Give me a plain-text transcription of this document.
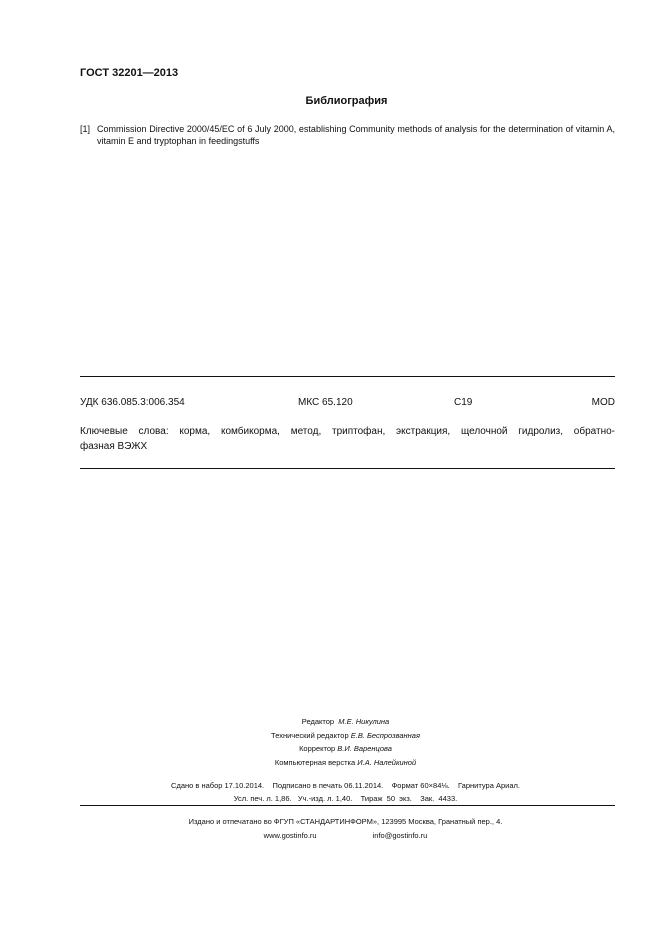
ГОСТ 32201—2013
Библиография
[1] Commission Directive 2000/45/EC of 6 July 2000, establishing Community methods of analysis for the determination of vitamin A, vitamin E and tryptophan in feedingstuffs
УДК 636.085.3:006.354	МКС 65.120	С19	MOD
Ключевые слова: корма, комбикорма, метод, триптофан, экстракция, щелочной гидролиз, обратно-
фазная ВЭЖХ
Редактор М.Е. Никулина
Технический редактор Е.В. Беспрозванная
Корректор В.И. Варенцова
Компьютерная верстка И.А. Налейкиной
Сдано в набор 17.10.2014.    Подписано в печать 06.11.2014.    Формат 60×84⅛.    Гарнитура Ариал.
Усл. печ. л. 1,86.   Уч.-изд. л. 1,40.    Тираж  50  экз.    Зак.  4433.
Издано и отпечатано во ФГУП «СТАНДАРТИНФОРМ», 123995 Москва, Гранатный пер., 4.
www.gostinfo.ru	info@gostinfo.ru
